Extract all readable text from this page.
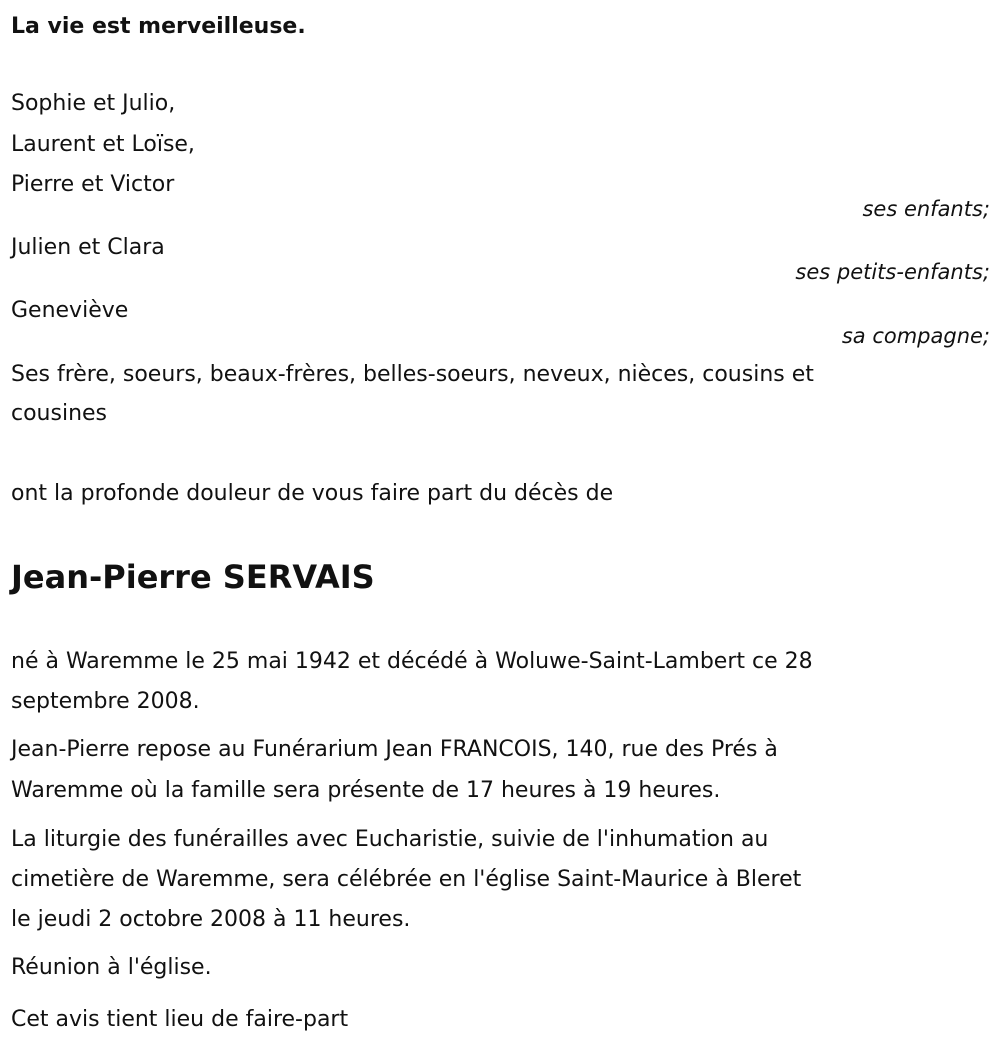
La vie est merveilleuse.
Sophie et Julio,
Laurent et Loïse,
Pierre et Victor
ses enfants;
Julien et Clara
ses petits-enfants;
Geneviève
sa compagne;
Ses frère, soeurs, beaux-frères, belles-soeurs, neveux, nièces, cousins et
cousines
ont la profonde douleur de vous faire part du décès de
Jean-Pierre SERVAIS
né à Waremme le 25 mai 1942 et décédé à Woluwe-Saint-Lambert ce 28
septembre 2008.
Jean-Pierre repose au Funérarium Jean FRANCOIS, 140, rue des Prés à
Waremme où la famille sera présente de 17 heures à 19 heures.
La liturgie des funérailles avec Eucharistie, suivie de l'inhumation au
cimetière de Waremme, sera célébrée en l'église Saint-Maurice à Bleret
le jeudi 2 octobre 2008 à 11 heures.
Réunion à l'église.
Cet avis tient lieu de faire-part
